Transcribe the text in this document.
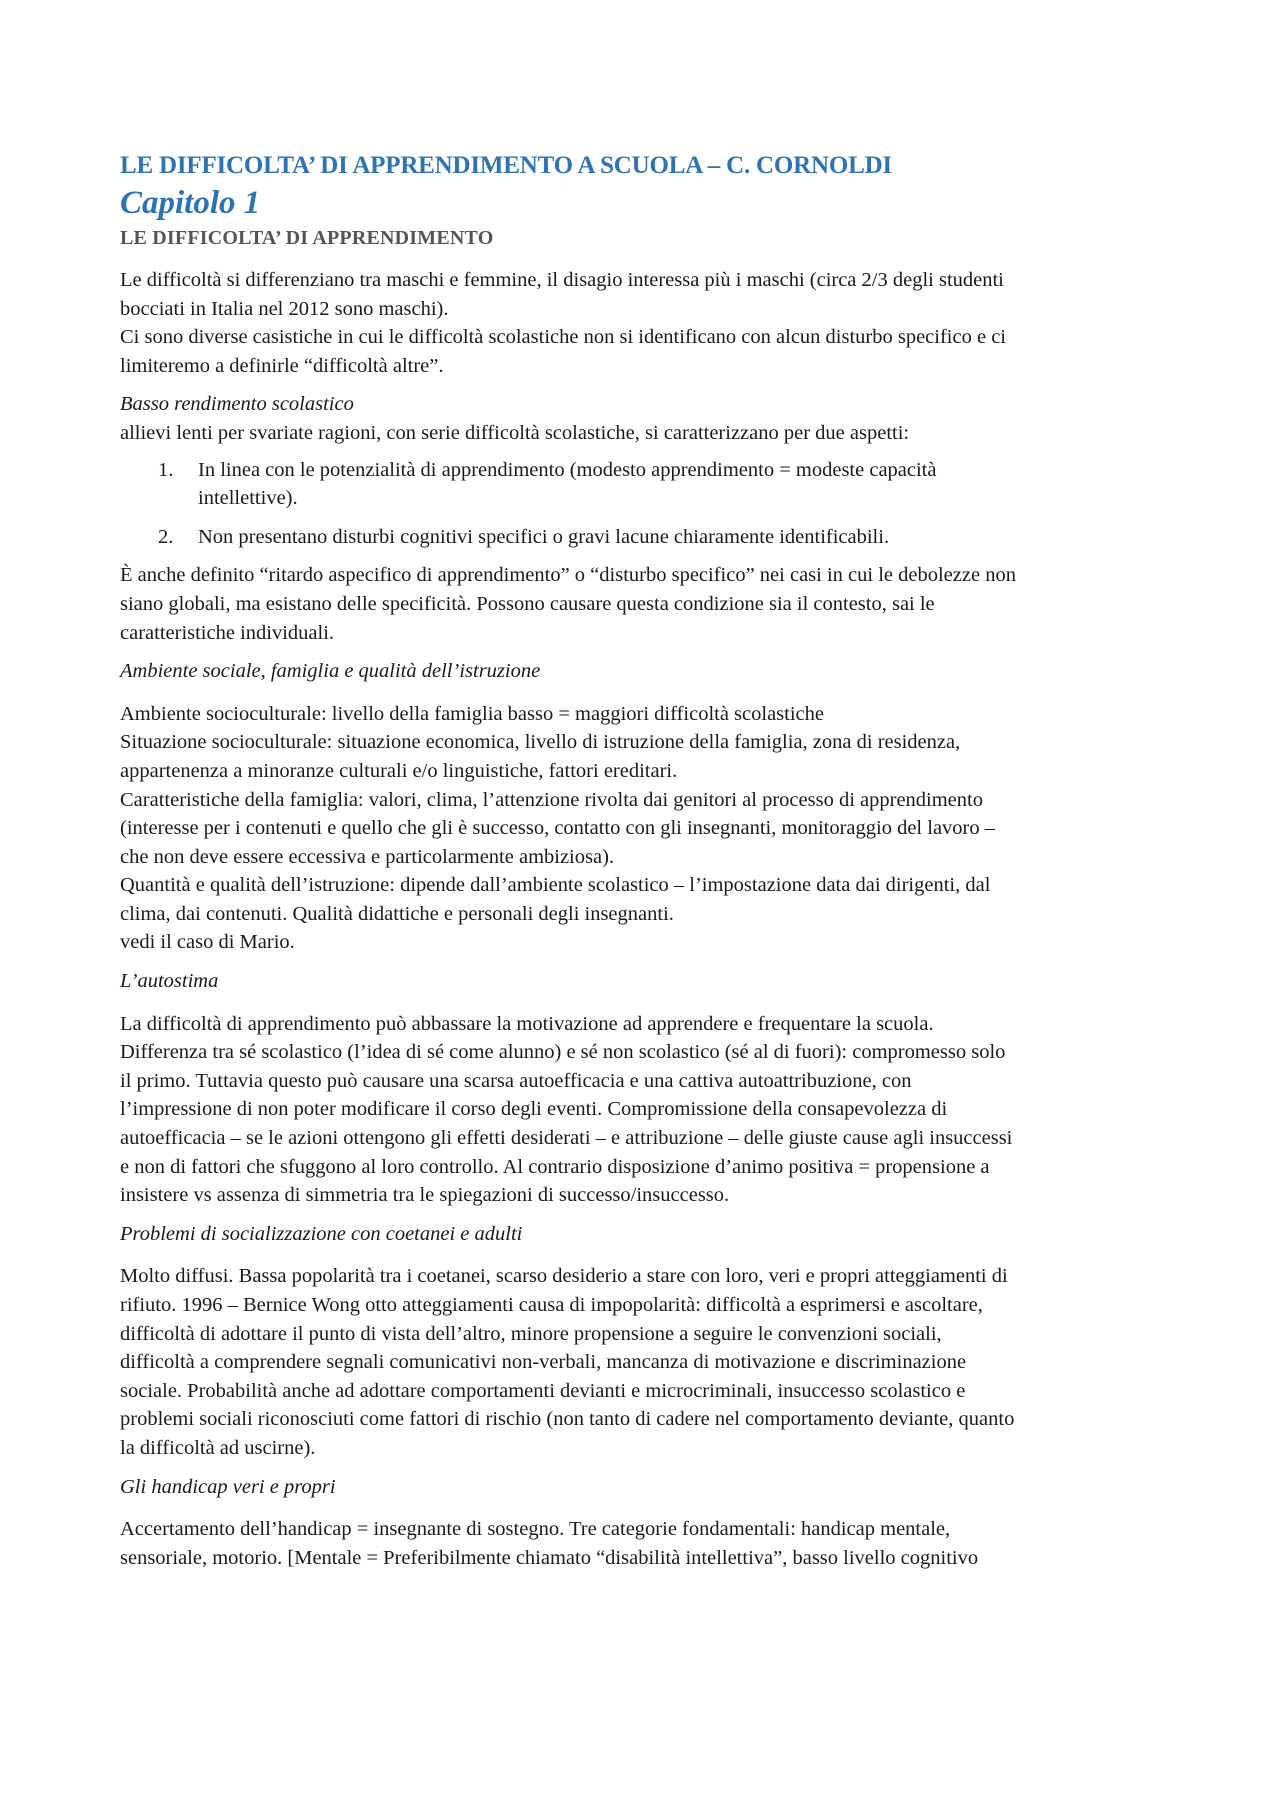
LE DIFFICOLTA’ DI APPRENDIMENTO A SCUOLA – C. CORNOLDI
Capitolo 1
LE DIFFICOLTA’ DI APPRENDIMENTO

Le difficoltà si differenziano tra maschi e femmine, il disagio interessa più i maschi (circa 2/3 degli studenti
bocciati in Italia nel 2012 sono maschi).
Ci sono diverse casistiche in cui le difficoltà scolastiche non si identificano con alcun disturbo specifico e ci
limiteremo a definirle “difficoltà altre”.

Basso rendimento scolastico

allievi lenti per svariate ragioni, con serie difficoltà scolastiche, si caratterizzano per due aspetti:

1. In linea con le potenzialità di apprendimento (modesto apprendimento = modeste capacità
intellettive).
2. Non presentano disturbi cognitivi specifici o gravi lacune chiaramente identificabili.

È anche definito “ritardo aspecifico di apprendimento” o “disturbo specifico” nei casi in cui le debolezze non
siano globali, ma esistano delle specificità. Possono causare questa condizione sia il contesto, sai le
caratteristiche individuali.

Ambiente sociale, famiglia e qualità dell’istruzione

Ambiente socioculturale: livello della famiglia basso = maggiori difficoltà scolastiche
Situazione socioculturale: situazione economica, livello di istruzione della famiglia, zona di residenza,
appartenenza a minoranze culturali e/o linguistiche, fattori ereditari.
Caratteristiche della famiglia: valori, clima, l’attenzione rivolta dai genitori al processo di apprendimento
(interesse per i contenuti e quello che gli è successo, contatto con gli insegnanti, monitoraggio del lavoro –
che non deve essere eccessiva e particolarmente ambiziosa).
Quantità e qualità dell’istruzione: dipende dall’ambiente scolastico – l’impostazione data dai dirigenti, dal
clima, dai contenuti. Qualità didattiche e personali degli insegnanti.
vedi il caso di Mario.

L’autostima

La difficoltà di apprendimento può abbassare la motivazione ad apprendere e frequentare la scuola.
Differenza tra sé scolastico (l’idea di sé come alunno) e sé non scolastico (sé al di fuori): compromesso solo
il primo. Tuttavia questo può causare una scarsa autoefficacia e una cattiva autoattribuzione, con
l’impressione di non poter modificare il corso degli eventi. Compromissione della consapevolezza di
autoefficacia – se le azioni ottengono gli effetti desiderati – e attribuzione – delle giuste cause agli insuccessi
e non di fattori che sfuggono al loro controllo. Al contrario disposizione d’animo positiva = propensione a
insistere vs assenza di simmetria tra le spiegazioni di successo/insuccesso.

Problemi di socializzazione con coetanei e adulti

Molto diffusi. Bassa popolarità tra i coetanei, scarso desiderio a stare con loro, veri e propri atteggiamenti di
rifiuto. 1996 – Bernice Wong otto atteggiamenti causa di impopolarità: difficoltà a esprimersi e ascoltare,
difficoltà di adottare il punto di vista dell’altro, minore propensione a seguire le convenzioni sociali,
difficoltà a comprendere segnali comunicativi non-verbali, mancanza di motivazione e discriminazione
sociale. Probabilità anche ad adottare comportamenti devianti e microcriminali, insuccesso scolastico e
problemi sociali riconosciuti come fattori di rischio (non tanto di cadere nel comportamento deviante, quanto
la difficoltà ad uscirne).

Gli handicap veri e propri

Accertamento dell’handicap = insegnante di sostegno. Tre categorie fondamentali: handicap mentale,
sensoriale, motorio. [Mentale = Preferibilmente chiamato “disabilità intellettiva”, basso livello cognitivo
